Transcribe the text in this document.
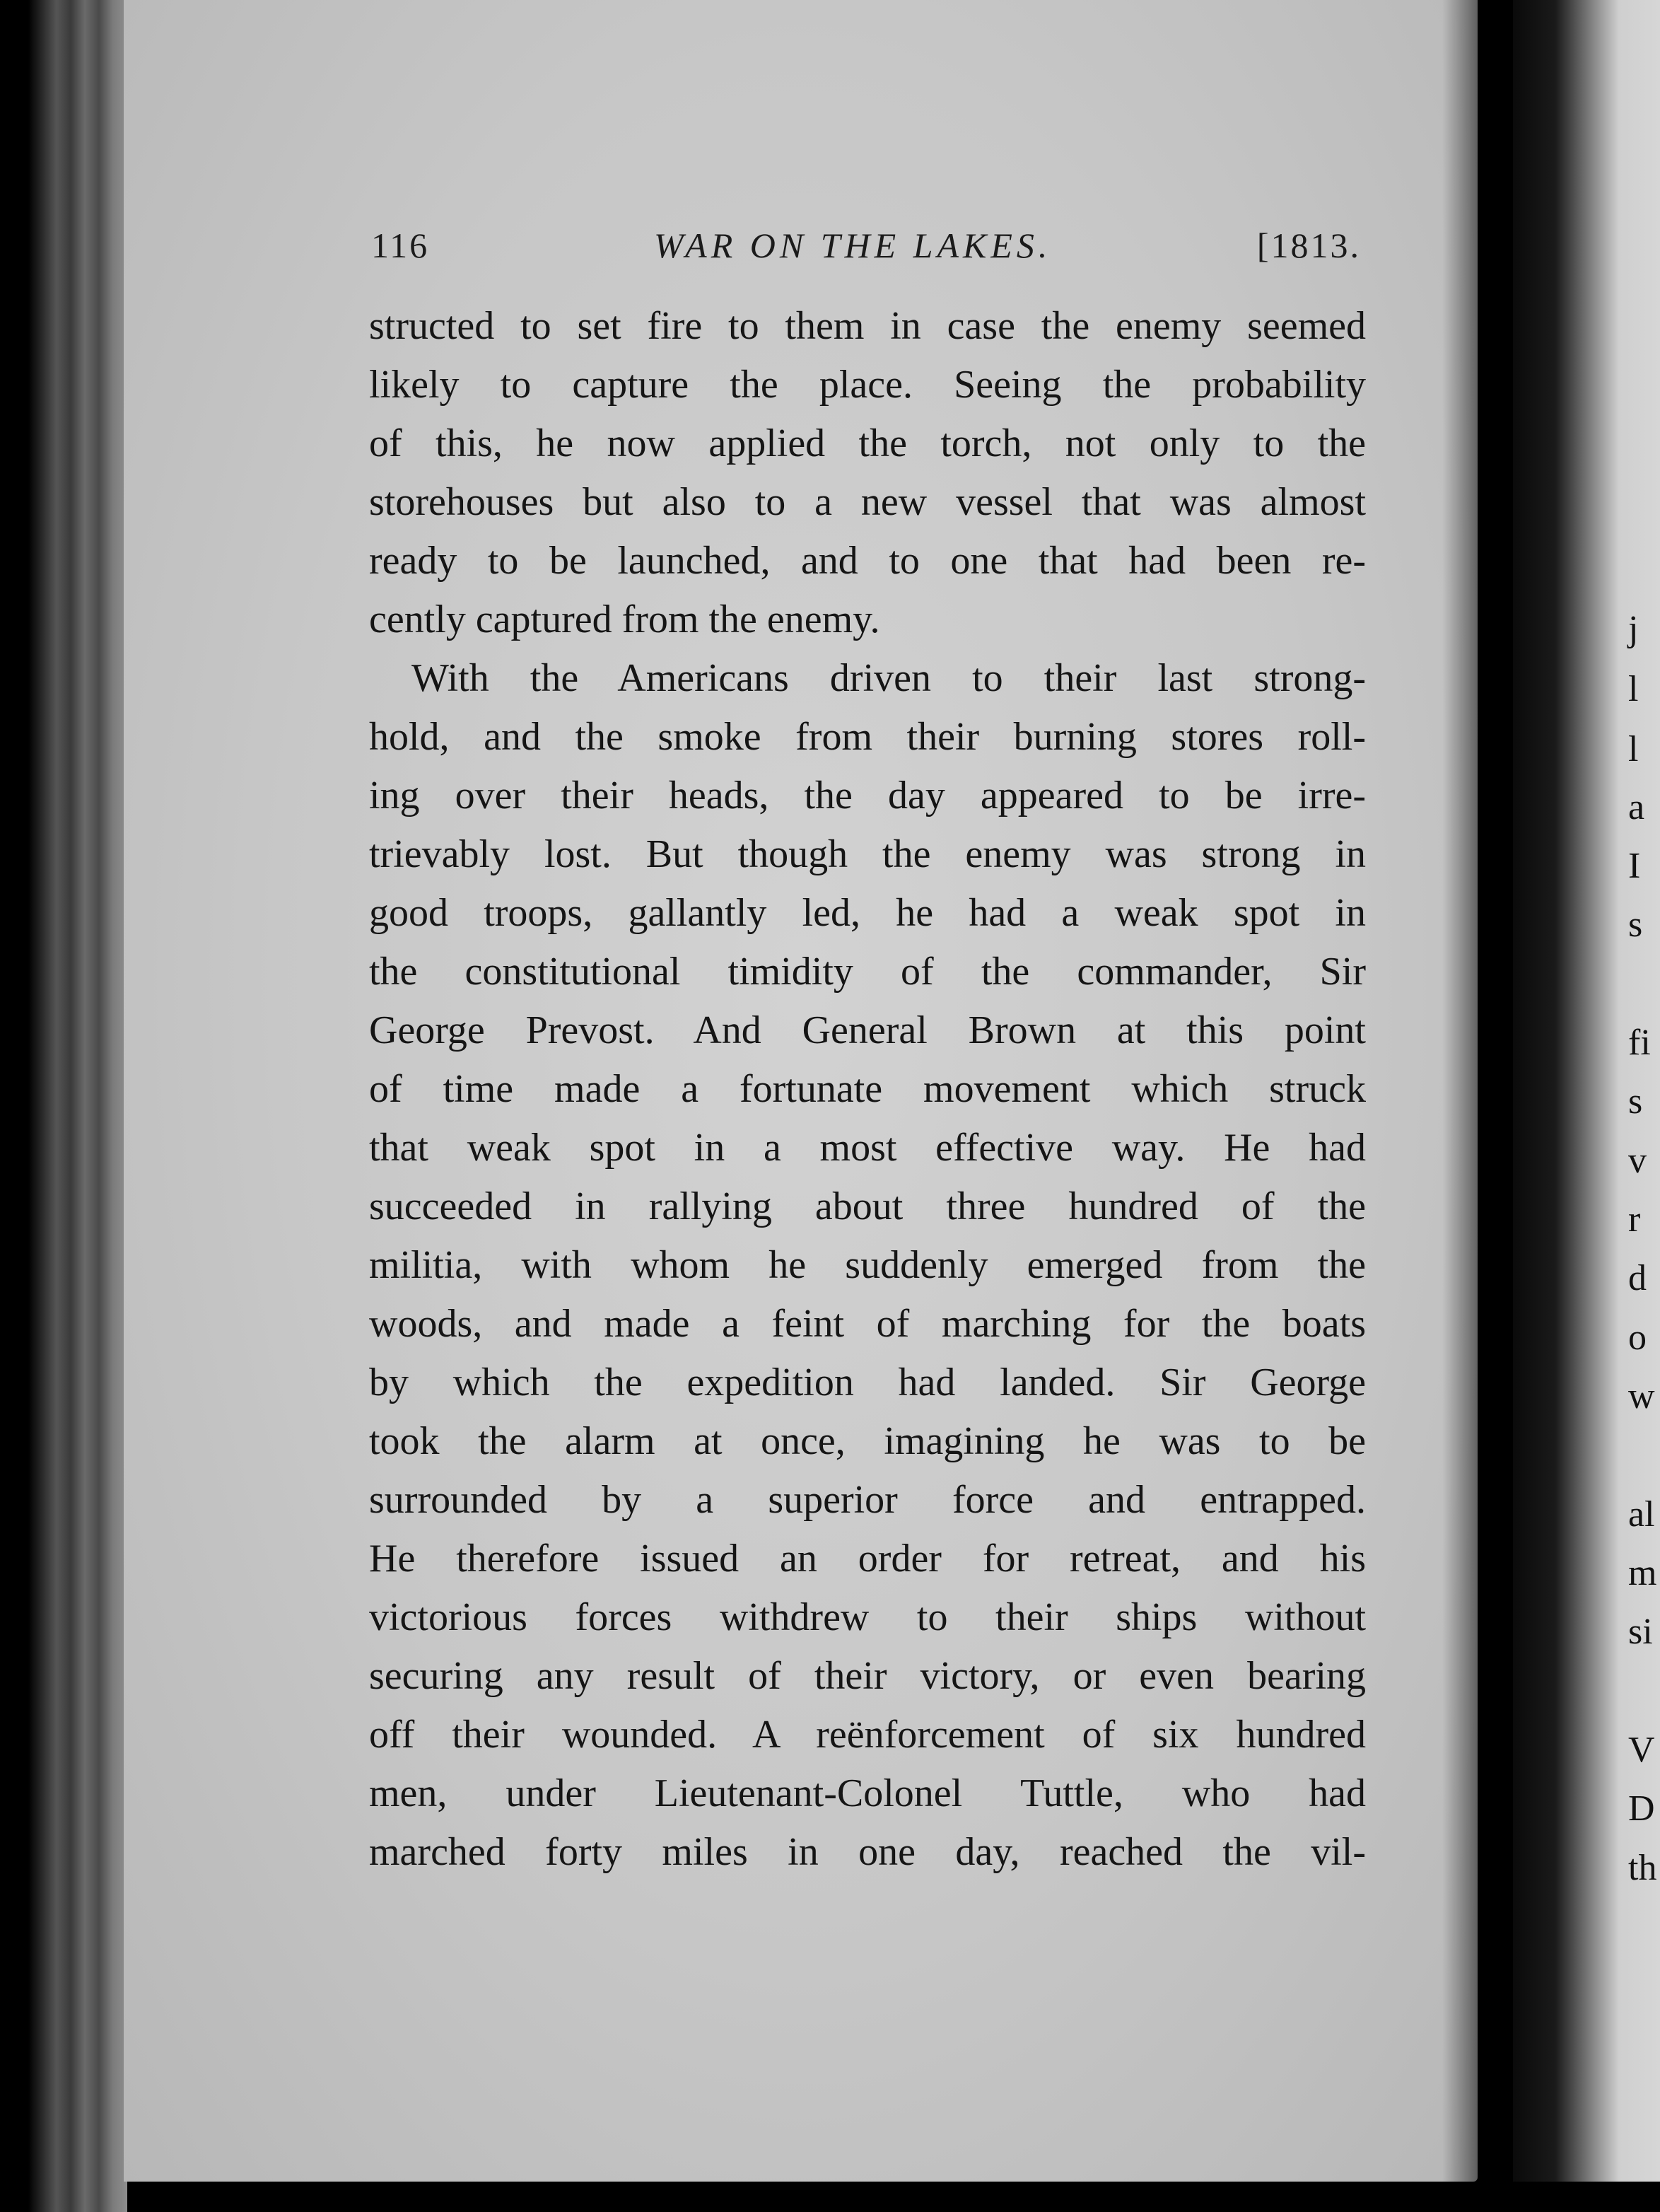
116	WAR ON THE LAKES.	[1813.
structed to set fire to them in case the enemy seemed
likely to capture the place. Seeing the probability
of this, he now applied the torch, not only to the
storehouses but also to a new vessel that was almost
ready to be launched, and to one that had been re-
cently captured from the enemy.
With the Americans driven to their last strong-
hold, and the smoke from their burning stores roll-
ing over their heads, the day appeared to be irre-
trievably lost. But though the enemy was strong in
good troops, gallantly led, he had a weak spot in
the constitutional timidity of the commander, Sir
George Prevost. And General Brown at this point
of time made a fortunate movement which struck
that weak spot in a most effective way. He had
succeeded in rallying about three hundred of the
militia, with whom he suddenly emerged from the
woods, and made a feint of marching for the boats
by which the expedition had landed. Sir George
took the alarm at once, imagining he was to be
surrounded by a superior force and entrapped.
He therefore issued an order for retreat, and his
victorious forces withdrew to their ships without
securing any result of their victory, or even bearing
off their wounded. A reënforcement of six hundred
men, under Lieutenant-Colonel Tuttle, who had
marched forty miles in one day, reached the vil-
j
l
l
a
I
s
fi
s
v
r
d
o
w
al
m
si
V
D
th
